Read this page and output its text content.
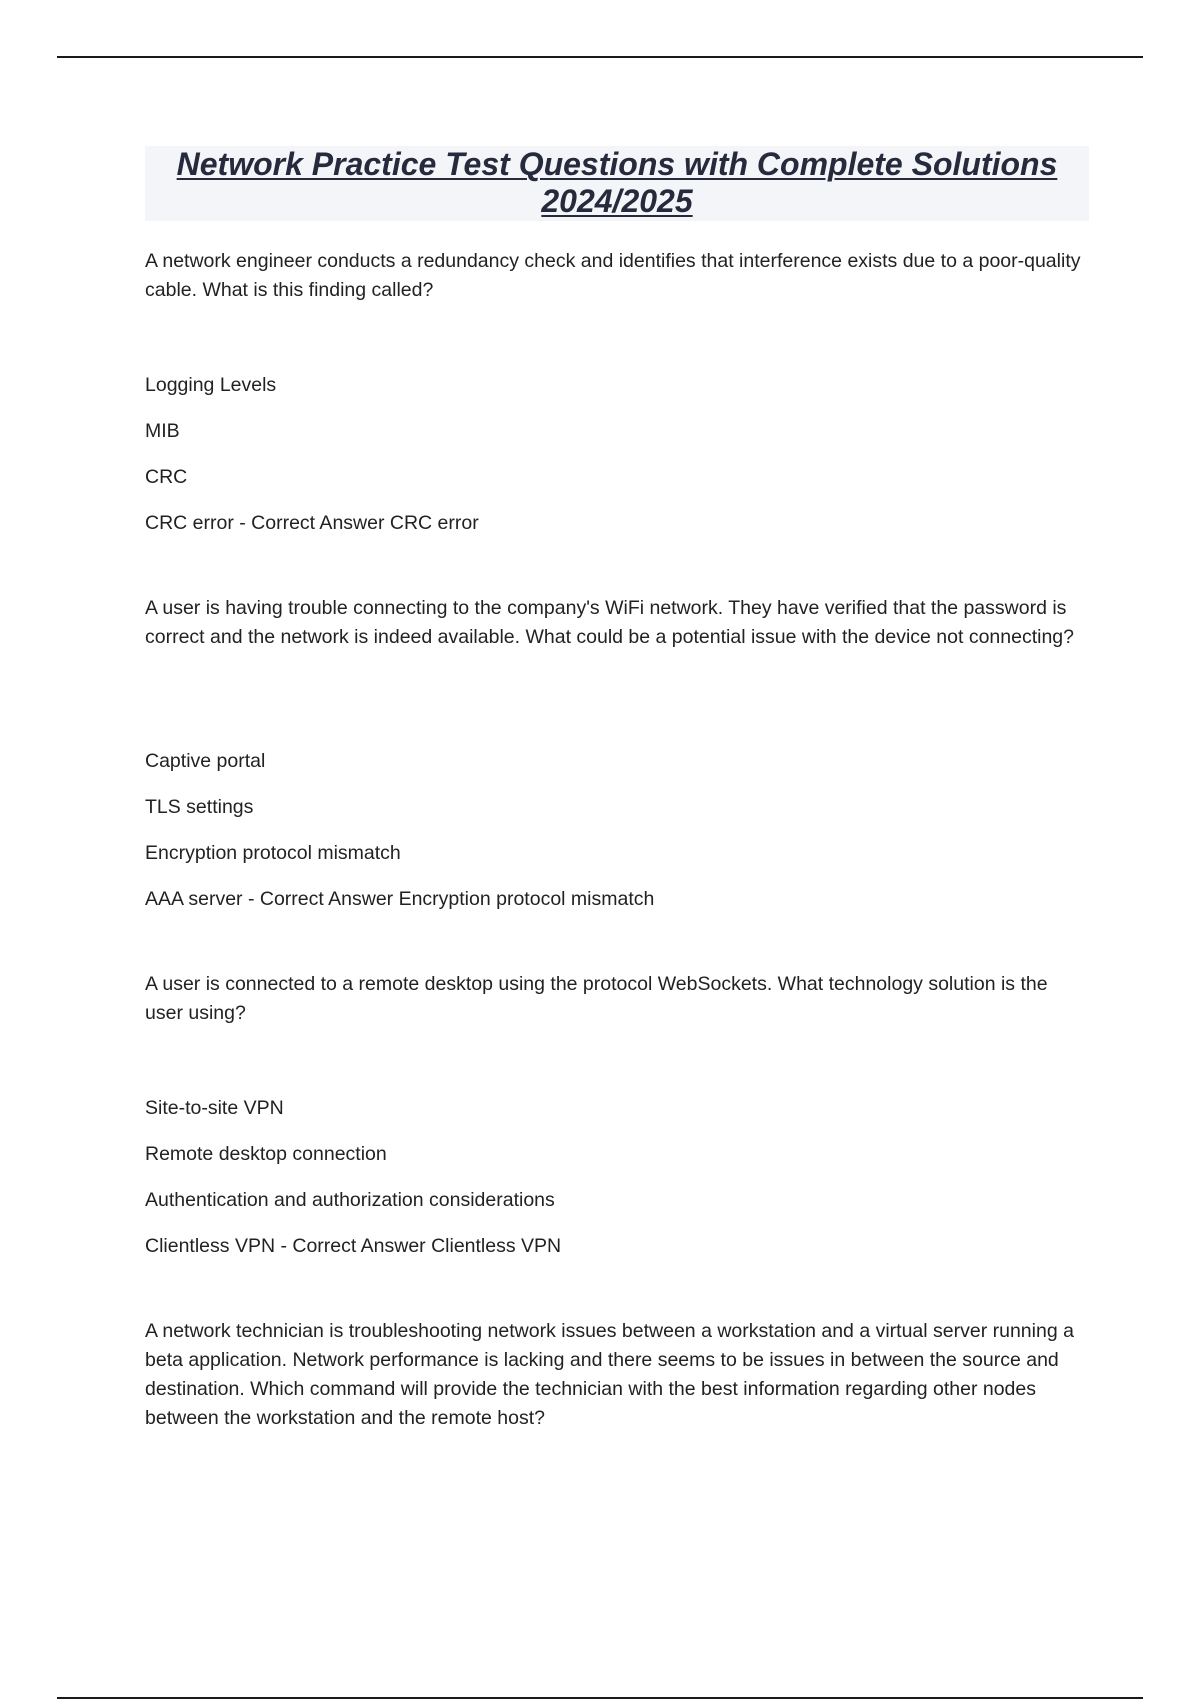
Network Practice Test Questions with Complete Solutions
2024/2025

A network engineer conducts a redundancy check and identifies that interference exists due to a poor-quality cable. What is this finding called?

Logging Levels

MIB

CRC

CRC error - Correct Answer CRC error

A user is having trouble connecting to the company's WiFi network. They have verified that the password is correct and the network is indeed available. What could be a potential issue with the device not connecting?

Captive portal

TLS settings

Encryption protocol mismatch

AAA server - Correct Answer Encryption protocol mismatch

A user is connected to a remote desktop using the protocol WebSockets. What technology solution is the user using?

Site-to-site VPN

Remote desktop connection

Authentication and authorization considerations

Clientless VPN - Correct Answer Clientless VPN

A network technician is troubleshooting network issues between a workstation and a virtual server running a beta application. Network performance is lacking and there seems to be issues in between the source and destination. Which command will provide the technician with the best information regarding other nodes between the workstation and the remote host?
